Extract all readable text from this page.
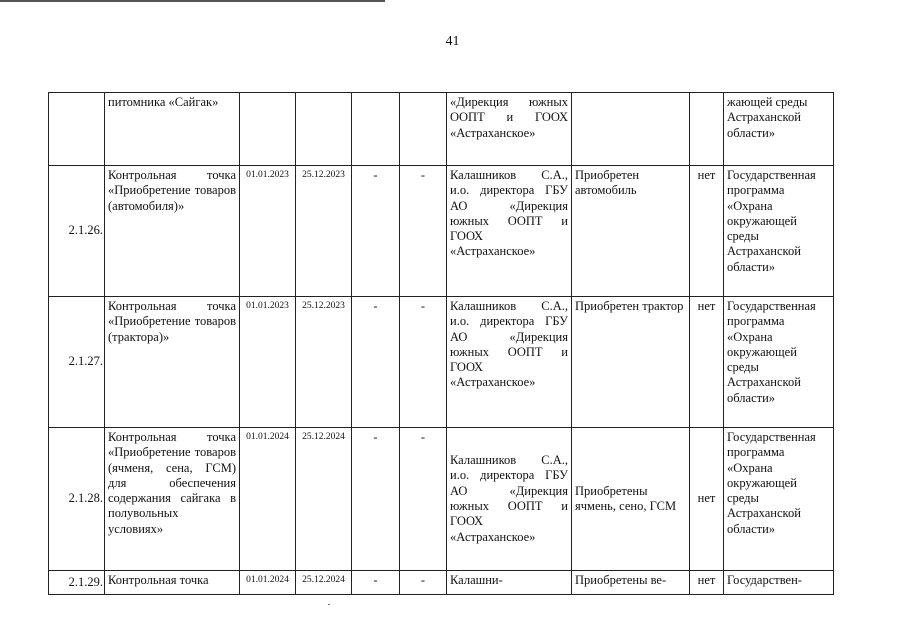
41
	питомника «Сайгак»					«Дирекция южных ООПТ и ГООХ «Астраханское»			жающей среды Астраханской области»
2.1.26.	Контрольная точка «Приобретение товаров (автомобиля)»	01.01.2023	25.12.2023	-	-	Калашников С.А., и.о. директора ГБУ АО «Дирекция южных ООПТ и ГООХ «Астраханское»	Приобретен автомобиль	нет	Государственная программа «Охрана окружающей среды Астраханской области»
2.1.27.	Контрольная точка «Приобретение товаров (трактора)»	01.01.2023	25.12.2023	-	-	Калашников С.А., и.о. директора ГБУ АО «Дирекция южных ООПТ и ГООХ «Астраханское»	Приобретен трактор	нет	Государственная программа «Охрана окружающей среды Астраханской области»
2.1.28.	Контрольная точка «Приобретение товаров (ячменя, сена, ГСМ) для обеспечения содержания сайгака в полувольных условиях»	01.01.2024	25.12.2024	-	-	Калашников С.А., и.о. директора ГБУ АО «Дирекция южных ООПТ и ГООХ «Астраханское»	Приобретены ячмень, сено, ГСМ	нет	Государственная программа «Охрана окружающей среды Астраханской области»
2.1.29.	Контрольная точка	01.01.2024	25.12.2024	-	-	Калашни-	Приобретены ве-	нет	Государствен-
